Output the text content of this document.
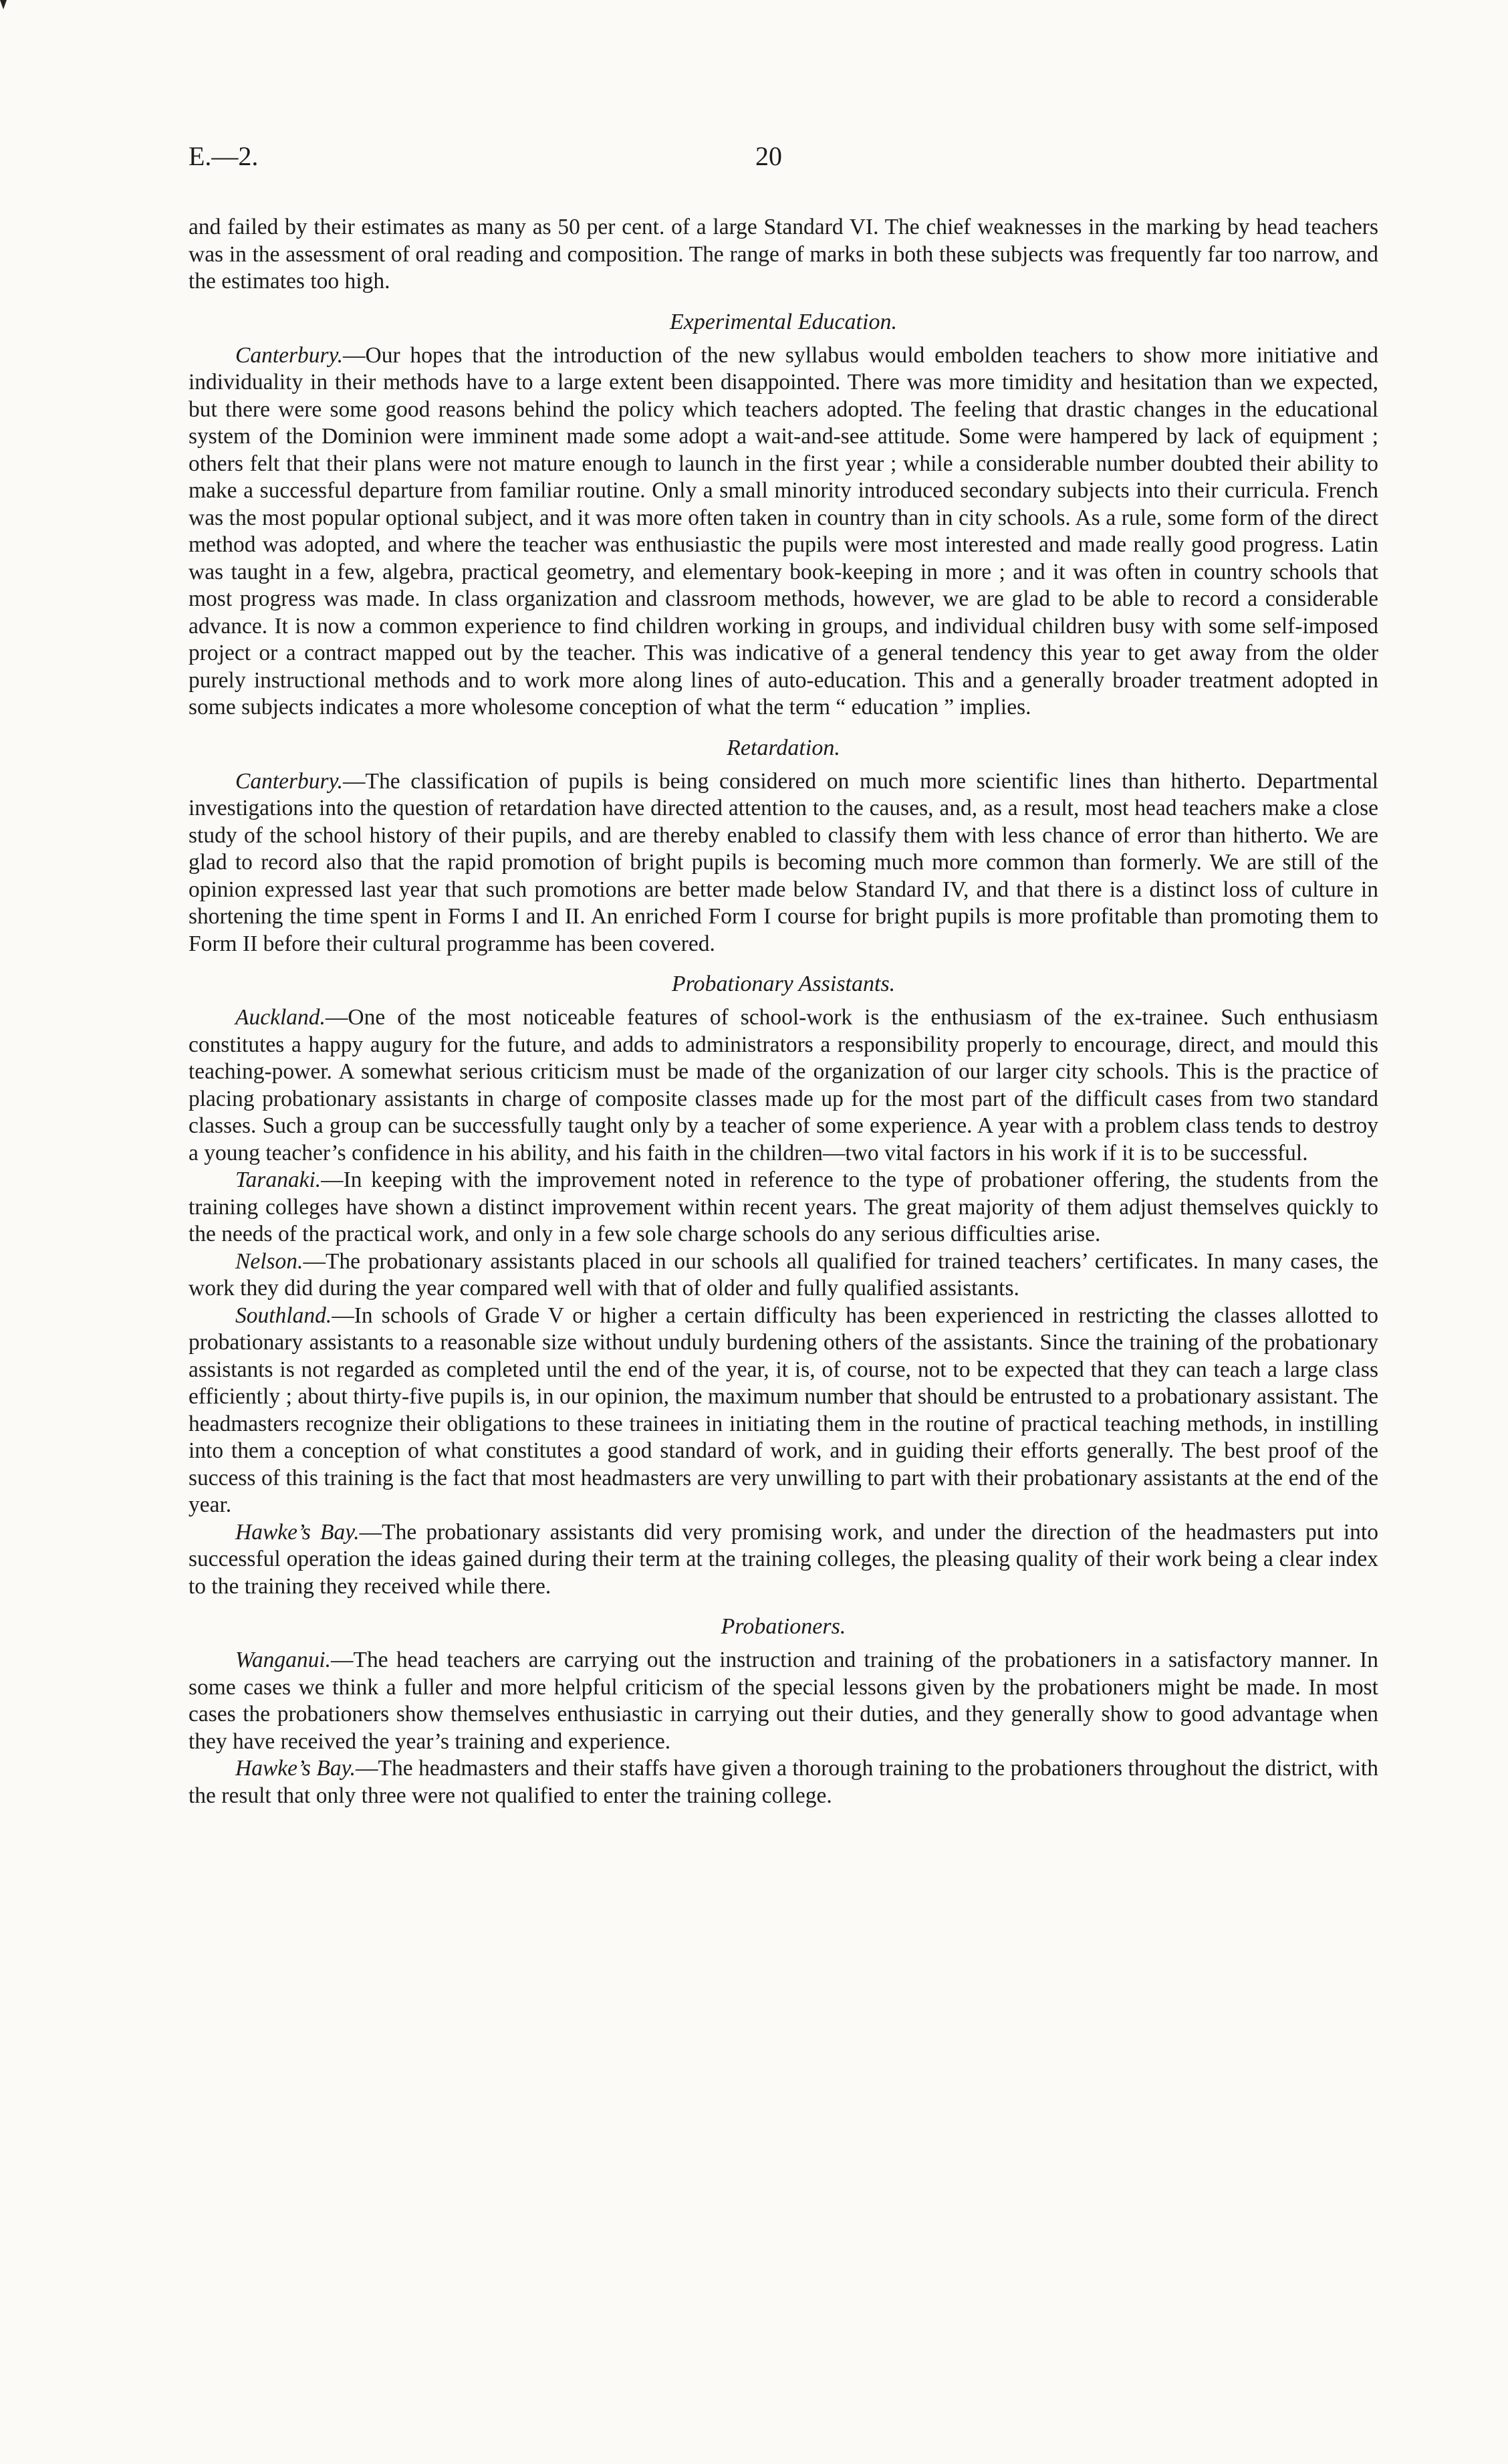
E.—2.	20

and failed by their estimates as many as 50 per cent. of a large Standard VI. The chief weaknesses in the marking by head teachers was in the assessment of oral reading and composition. The range of marks in both these subjects was frequently far too narrow, and the estimates too high.

Experimental Education.

Canterbury.—Our hopes that the introduction of the new syllabus would embolden teachers to show more initiative and individuality in their methods have to a large extent been disappointed. There was more timidity and hesitation than we expected, but there were some good reasons behind the policy which teachers adopted. The feeling that drastic changes in the educational system of the Dominion were imminent made some adopt a wait-and-see attitude. Some were hampered by lack of equipment ; others felt that their plans were not mature enough to launch in the first year ; while a considerable number doubted their ability to make a successful departure from familiar routine. Only a small minority introduced secondary subjects into their curricula. French was the most popular optional subject, and it was more often taken in country than in city schools. As a rule, some form of the direct method was adopted, and where the teacher was enthusiastic the pupils were most interested and made really good progress. Latin was taught in a few, algebra, practical geometry, and elementary book-keeping in more ; and it was often in country schools that most progress was made. In class organization and classroom methods, however, we are glad to be able to record a considerable advance. It is now a common experience to find children working in groups, and individual children busy with some self-imposed project or a contract mapped out by the teacher. This was indicative of a general tendency this year to get away from the older purely instructional methods and to work more along lines of auto-education. This and a generally broader treatment adopted in some subjects indicates a more wholesome conception of what the term “ education ” implies.

Retardation.

Canterbury.—The classification of pupils is being considered on much more scientific lines than hitherto. Departmental investigations into the question of retardation have directed attention to the causes, and, as a result, most head teachers make a close study of the school history of their pupils, and are thereby enabled to classify them with less chance of error than hitherto. We are glad to record also that the rapid promotion of bright pupils is becoming much more common than formerly. We are still of the opinion expressed last year that such promotions are better made below Standard IV, and that there is a distinct loss of culture in shortening the time spent in Forms I and II. An enriched Form I course for bright pupils is more profitable than promoting them to Form II before their cultural programme has been covered.

Probationary Assistants.

Auckland.—One of the most noticeable features of school-work is the enthusiasm of the ex-trainee. Such enthusiasm constitutes a happy augury for the future, and adds to administrators a responsibility properly to encourage, direct, and mould this teaching-power. A somewhat serious criticism must be made of the organization of our larger city schools. This is the practice of placing probationary assistants in charge of composite classes made up for the most part of the difficult cases from two standard classes. Such a group can be successfully taught only by a teacher of some experience. A year with a problem class tends to destroy a young teacher’s confidence in his ability, and his faith in the children—two vital factors in his work if it is to be successful.

Taranaki.—In keeping with the improvement noted in reference to the type of probationer offering, the students from the training colleges have shown a distinct improvement within recent years. The great majority of them adjust themselves quickly to the needs of the practical work, and only in a few sole charge schools do any serious difficulties arise.

Nelson.—The probationary assistants placed in our schools all qualified for trained teachers’ certificates. In many cases, the work they did during the year compared well with that of older and fully qualified assistants.

Southland.—In schools of Grade V or higher a certain difficulty has been experienced in restricting the classes allotted to probationary assistants to a reasonable size without unduly burdening others of the assistants. Since the training of the probationary assistants is not regarded as completed until the end of the year, it is, of course, not to be expected that they can teach a large class efficiently ; about thirty-five pupils is, in our opinion, the maximum number that should be entrusted to a probationary assistant. The headmasters recognize their obligations to these trainees in initiating them in the routine of practical teaching methods, in instilling into them a conception of what constitutes a good standard of work, and in guiding their efforts generally. The best proof of the success of this training is the fact that most headmasters are very unwilling to part with their probationary assistants at the end of the year.

Hawke’s Bay.—The probationary assistants did very promising work, and under the direction of the headmasters put into successful operation the ideas gained during their term at the training colleges, the pleasing quality of their work being a clear index to the training they received while there.

Probationers.

Wanganui.—The head teachers are carrying out the instruction and training of the probationers in a satisfactory manner. In some cases we think a fuller and more helpful criticism of the special lessons given by the probationers might be made. In most cases the probationers show themselves enthusiastic in carrying out their duties, and they generally show to good advantage when they have received the year’s training and experience.

Hawke’s Bay.—The headmasters and their staffs have given a thorough training to the probationers throughout the district, with the result that only three were not qualified to enter the training college.
